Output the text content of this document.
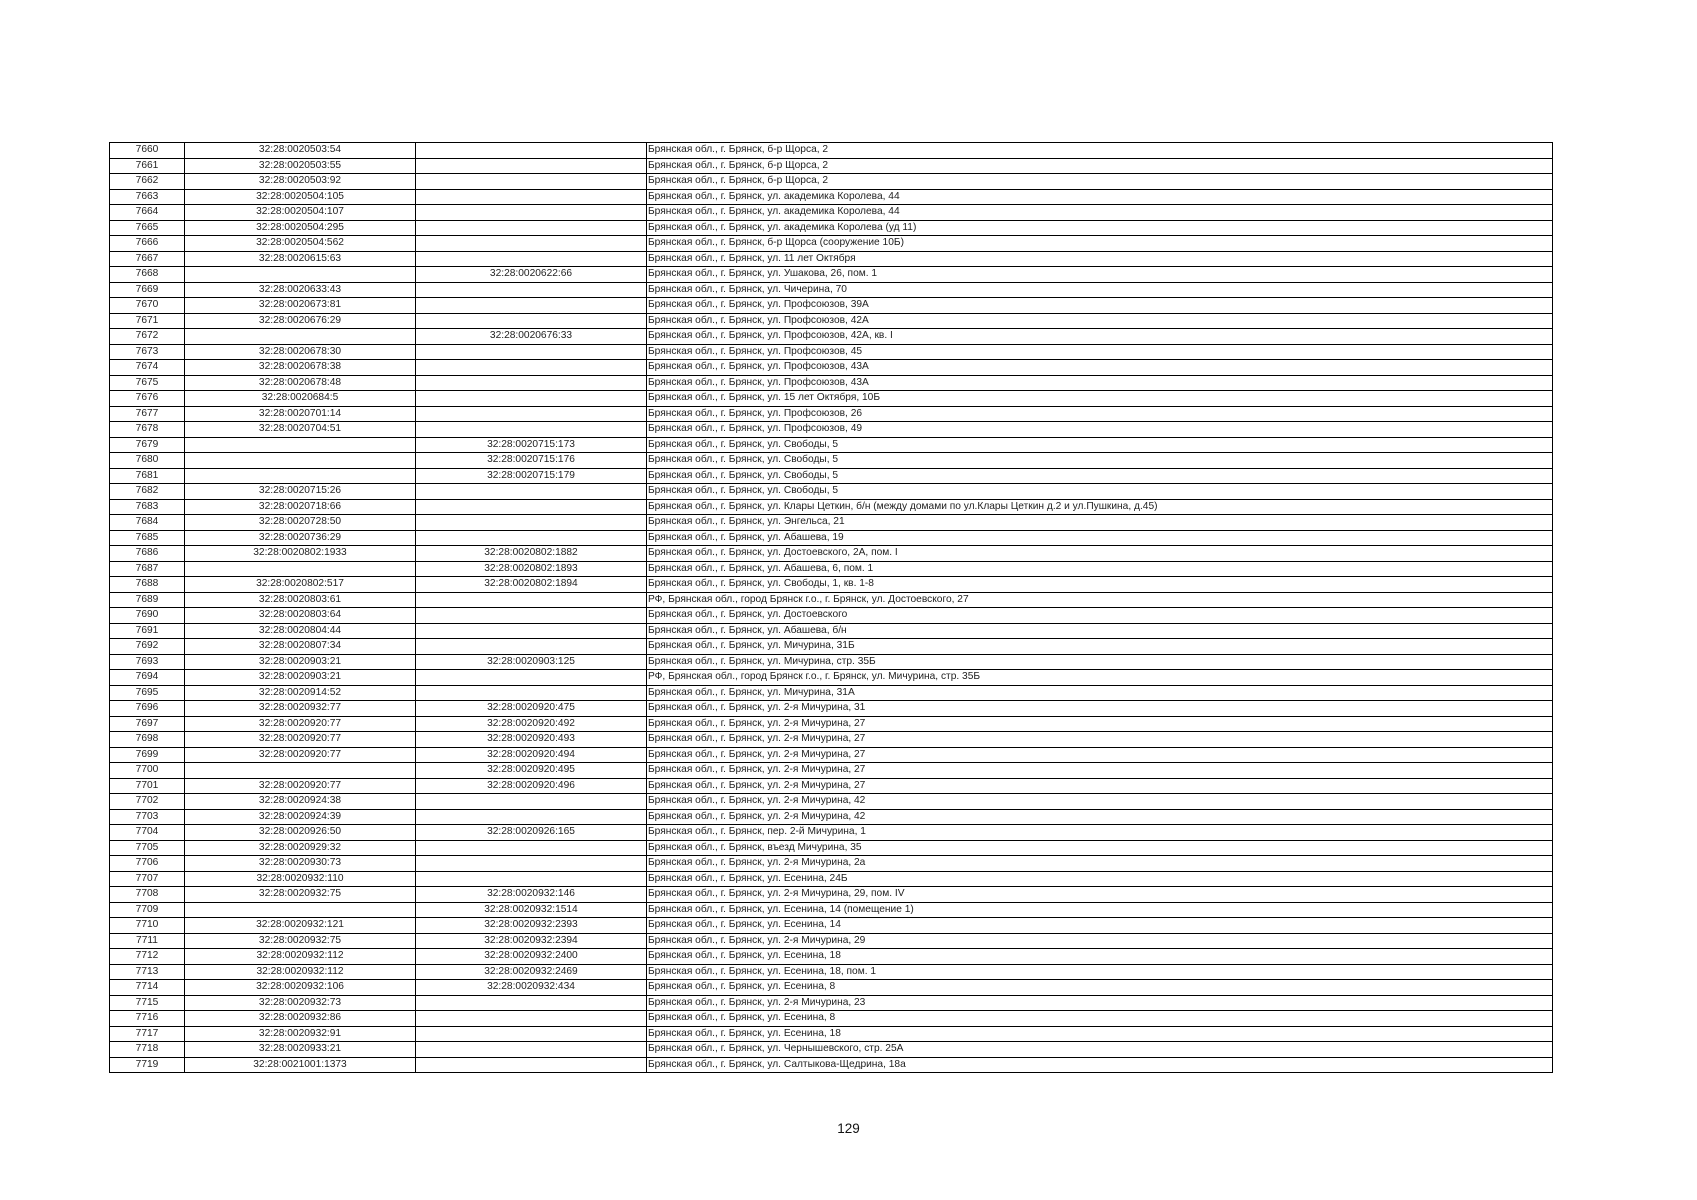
7660	32:28:0020503:54		Брянская обл., г. Брянск, б-р Щорса, 2
7661	32:28:0020503:55		Брянская обл., г. Брянск, б-р Щорса, 2
7662	32:28:0020503:92		Брянская обл., г. Брянск, б-р Щорса, 2
7663	32:28:0020504:105		Брянская обл., г. Брянск, ул. академика Королева, 44
7664	32:28:0020504:107		Брянская обл., г. Брянск, ул. академика Королева, 44
7665	32:28:0020504:295		Брянская обл., г. Брянск, ул. академика Королева (уд 11)
7666	32:28:0020504:562		Брянская обл., г. Брянск, б-р Щорса (сооружение 10Б)
7667	32:28:0020615:63		Брянская обл., г. Брянск, ул. 11 лет Октября
7668		32:28:0020622:66	Брянская обл., г. Брянск, ул. Ушакова, 26, пом. 1
7669	32:28:0020633:43		Брянская обл., г. Брянск, ул. Чичерина, 70
7670	32:28:0020673:81		Брянская обл., г. Брянск, ул. Профсоюзов, 39А
7671	32:28:0020676:29		Брянская обл., г. Брянск, ул. Профсоюзов, 42А
7672		32:28:0020676:33	Брянская обл., г. Брянск, ул. Профсоюзов, 42А, кв. I
7673	32:28:0020678:30		Брянская обл., г. Брянск, ул. Профсоюзов, 45
7674	32:28:0020678:38		Брянская обл., г. Брянск, ул. Профсоюзов, 43А
7675	32:28:0020678:48		Брянская обл., г. Брянск, ул. Профсоюзов, 43А
7676	32:28:0020684:5		Брянская обл., г. Брянск, ул. 15 лет Октября, 10Б
7677	32:28:0020701:14		Брянская обл., г. Брянск, ул. Профсоюзов, 26
7678	32:28:0020704:51		Брянская обл., г. Брянск, ул. Профсоюзов, 49
7679		32:28:0020715:173	Брянская обл., г. Брянск, ул. Свободы, 5
7680		32:28:0020715:176	Брянская обл., г. Брянск, ул. Свободы, 5
7681		32:28:0020715:179	Брянская обл., г. Брянск, ул. Свободы, 5
7682	32:28:0020715:26		Брянская обл., г. Брянск, ул. Свободы, 5
7683	32:28:0020718:66		Брянская обл., г. Брянск, ул. Клары Цеткин, б/н (между домами по ул.Клары Цеткин д.2 и ул.Пушкина, д.45)
7684	32:28:0020728:50		Брянская обл., г. Брянск, ул. Энгельса, 21
7685	32:28:0020736:29		Брянская обл., г. Брянск, ул. Абашева, 19
7686	32:28:0020802:1933	32:28:0020802:1882	Брянская обл., г. Брянск, ул. Достоевского, 2А, пом. I
7687		32:28:0020802:1893	Брянская обл., г. Брянск, ул. Абашева, 6, пом. 1
7688	32:28:0020802:517	32:28:0020802:1894	Брянская обл., г. Брянск, ул. Свободы, 1, кв. 1-8
7689	32:28:0020803:61		РФ, Брянская обл., город Брянск г.о., г. Брянск, ул. Достоевского, 27
7690	32:28:0020803:64		Брянская обл., г. Брянск, ул. Достоевского
7691	32:28:0020804:44		Брянская обл., г. Брянск, ул. Абашева, б/н
7692	32:28:0020807:34		Брянская обл., г. Брянск, ул. Мичурина, 31Б
7693	32:28:0020903:21	32:28:0020903:125	Брянская обл., г. Брянск, ул. Мичурина, стр. 35Б
7694	32:28:0020903:21		РФ, Брянская обл., город Брянск г.о., г. Брянск, ул. Мичурина, стр. 35Б
7695	32:28:0020914:52		Брянская обл., г. Брянск, ул. Мичурина, 31А
7696	32:28:0020932:77	32:28:0020920:475	Брянская обл., г. Брянск, ул. 2-я Мичурина, 31
7697	32:28:0020920:77	32:28:0020920:492	Брянская обл., г. Брянск, ул. 2-я Мичурина, 27
7698	32:28:0020920:77	32:28:0020920:493	Брянская обл., г. Брянск, ул. 2-я Мичурина, 27
7699	32:28:0020920:77	32:28:0020920:494	Брянская обл., г. Брянск, ул. 2-я Мичурина, 27
7700		32:28:0020920:495	Брянская обл., г. Брянск, ул. 2-я Мичурина, 27
7701	32:28:0020920:77	32:28:0020920:496	Брянская обл., г. Брянск, ул. 2-я Мичурина, 27
7702	32:28:0020924:38		Брянская обл., г. Брянск, ул. 2-я Мичурина, 42
7703	32:28:0020924:39		Брянская обл., г. Брянск, ул. 2-я Мичурина, 42
7704	32:28:0020926:50	32:28:0020926:165	Брянская обл., г. Брянск, пер. 2-й Мичурина, 1
7705	32:28:0020929:32		Брянская обл., г. Брянск, въезд Мичурина, 35
7706	32:28:0020930:73		Брянская обл., г. Брянск, ул. 2-я Мичурина, 2а
7707	32:28:0020932:110		Брянская обл., г. Брянск, ул. Есенина, 24Б
7708	32:28:0020932:75	32:28:0020932:146	Брянская обл., г. Брянск, ул. 2-я Мичурина, 29, пом. IV
7709		32:28:0020932:1514	Брянская обл., г. Брянск, ул. Есенина, 14 (помещение 1)
7710	32:28:0020932:121	32:28:0020932:2393	Брянская обл., г. Брянск, ул. Есенина, 14
7711	32:28:0020932:75	32:28:0020932:2394	Брянская обл., г. Брянск, ул. 2-я Мичурина, 29
7712	32:28:0020932:112	32:28:0020932:2400	Брянская обл., г. Брянск, ул. Есенина, 18
7713	32:28:0020932:112	32:28:0020932:2469	Брянская обл., г. Брянск, ул. Есенина, 18, пом. 1
7714	32:28:0020932:106	32:28:0020932:434	Брянская обл., г. Брянск, ул. Есенина, 8
7715	32:28:0020932:73		Брянская обл., г. Брянск, ул. 2-я Мичурина, 23
7716	32:28:0020932:86		Брянская обл., г. Брянск, ул. Есенина, 8
7717	32:28:0020932:91		Брянская обл., г. Брянск, ул. Есенина, 18
7718	32:28:0020933:21		Брянская обл., г. Брянск, ул. Чернышевского, стр. 25А
7719	32:28:0021001:1373		Брянская обл., г. Брянск, ул. Салтыкова-Щедрина, 18а
129
